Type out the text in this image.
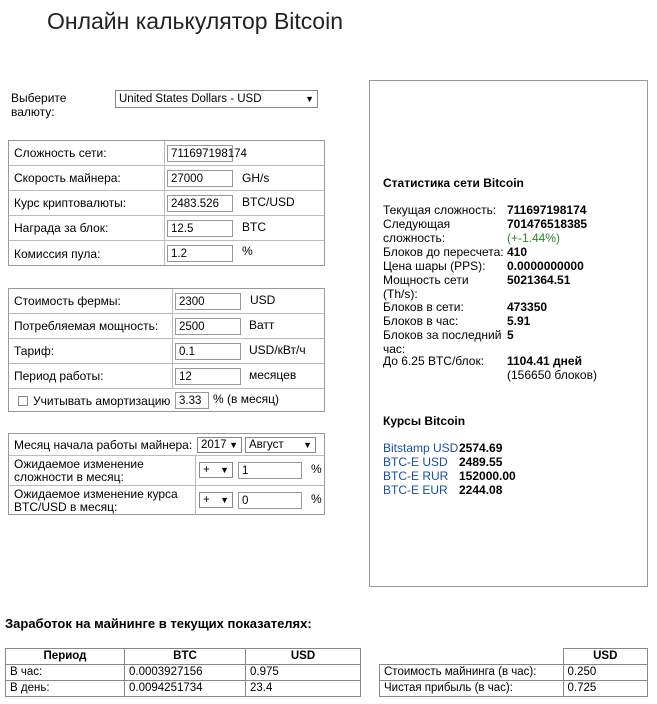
Онлайн калькулятор Bitcoin
Выберите валюту:
United States Dollars - USD	▼
Сложность сети:	711697198174
Скорость майнера:	27000	GH/s
Курс криптовалюты:	2483.526	BTC/USD
Награда за блок:	12.5	BTC
Комиссия пула:	1.2	%
Стоимость фермы:	2300	USD
Потребляемая мощность:	2500	Ватт
Тариф:	0.1	USD/кВт/ч
Период работы:	12	месяцев
Учитывать амортизацию 3.33 % (в месяц)
Месяц начала работы майнера: 2017 ▼ Август ▼
Ожидаемое изменение сложности в месяц:	+ ▼	1	%
Ожидаемое изменение курса BTC/USD в месяц:	+ ▼	0	%
Статистика сети Bitcoin
Текущая сложность: 711697198174
Следующая сложность:
701476518385
(+-1.44%)
Блоков до пересчета: 410
Цена шары (PPS): 0.0000000000
Мощность сети (Th/s):
5021364.51
Блоков в сети:	473350
Блоков в час:	5.91
Блоков за последний час:
5
До 6.25 BTC/блок: 1104.41 дней
(156650 блоков)
Курсы Bitcoin
Bitstamp USD 2574.69
BTC-E USD 2489.55
BTC-E RUR 152000.00
BTC-E EUR 2244.08
Заработок на майнинге в текущих показателях:
Период	BTC	USD
В час:	0.0003927156	0.975
В день:	0.0094251734	23.4
	USD
Стоимость майнинга (в час):	0.250
Чистая прибыль (в час):	0.725
